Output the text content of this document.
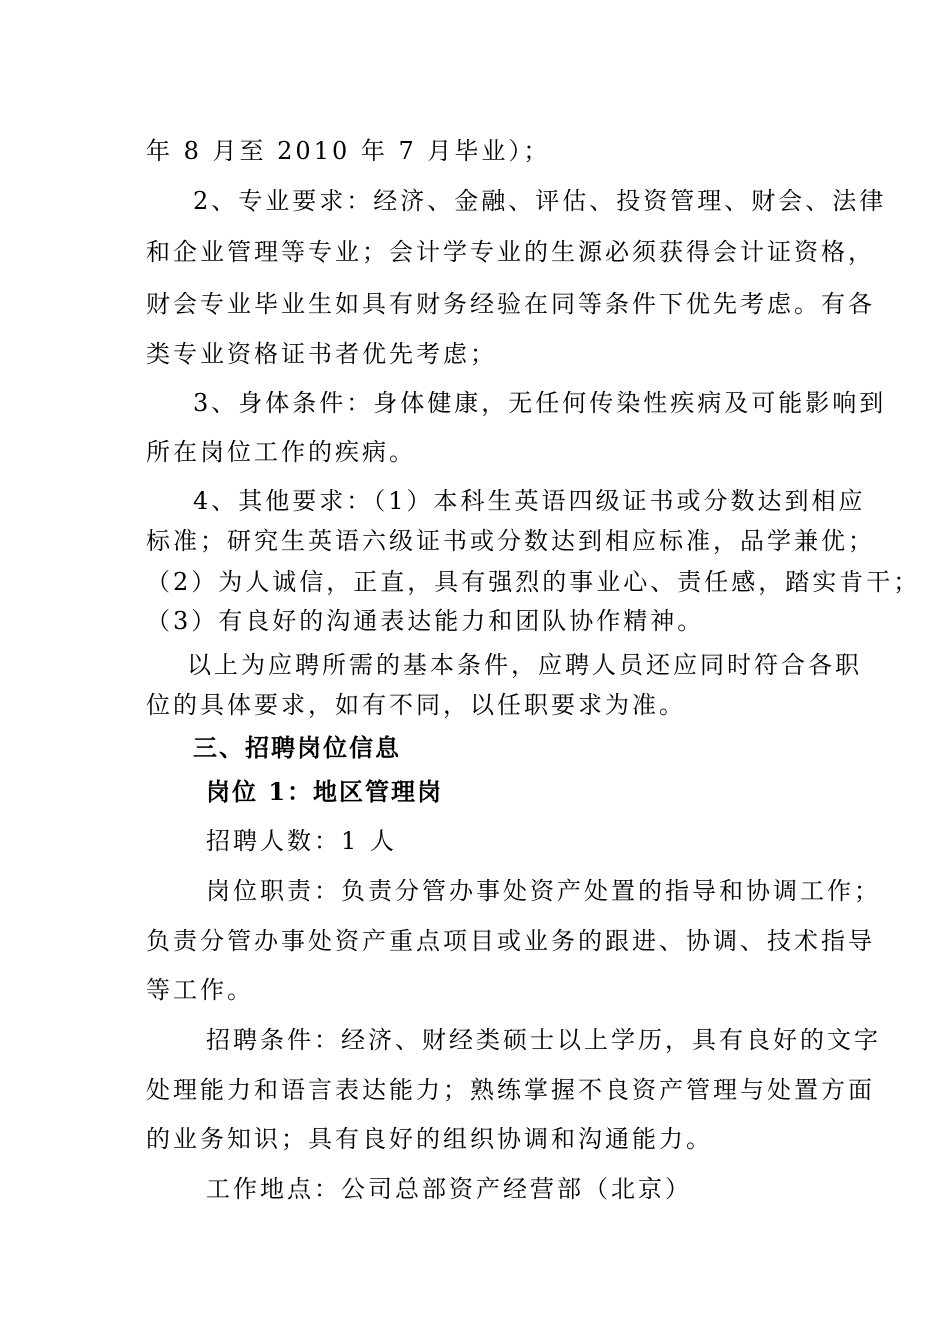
年 8 月至 2010 年 7 月毕业）；
2、专业要求：经济、金融、评估、投资管理、财会、法律
和企业管理等专业；会计学专业的生源必须获得会计证资格，
财会专业毕业生如具有财务经验在同等条件下优先考虑。有各
类专业资格证书者优先考虑；
3、身体条件：身体健康，无任何传染性疾病及可能影响到
所在岗位工作的疾病。
4、其他要求：（1）本科生英语四级证书或分数达到相应
标准；研究生英语六级证书或分数达到相应标准，品学兼优；
（2）为人诚信，正直，具有强烈的事业心、责任感，踏实肯干；
（3）有良好的沟通表达能力和团队协作精神。
以上为应聘所需的基本条件，应聘人员还应同时符合各职
位的具体要求，如有不同，以任职要求为准。
三、招聘岗位信息
岗位 1：地区管理岗
招聘人数：1 人
岗位职责：负责分管办事处资产处置的指导和协调工作；
负责分管办事处资产重点项目或业务的跟进、协调、技术指导
等工作。
招聘条件：经济、财经类硕士以上学历，具有良好的文字
处理能力和语言表达能力；熟练掌握不良资产管理与处置方面
的业务知识；具有良好的组织协调和沟通能力。
工作地点：公司总部资产经营部（北京）
